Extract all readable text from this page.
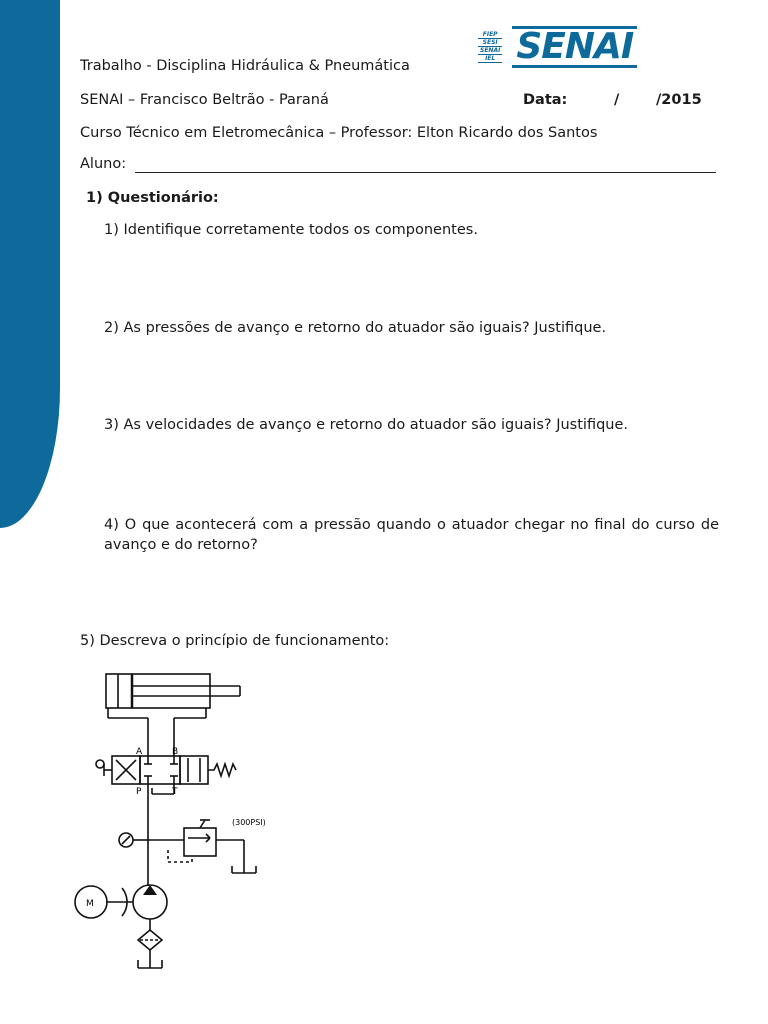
FIEP
SESI
SENAI
IEL SENAI
Trabalho - Disciplina Hidráulica & Pneumática
SENAI – Francisco Beltrão - Paraná	Data:	/	/2015
Curso Técnico em Eletromecânica – Professor: Elton Ricardo dos Santos
Aluno:
1) Questionário:
1) Identifique corretamente todos os componentes.
2) As pressões de avanço e retorno do atuador são iguais? Justifique.
3) As velocidades de avanço e retorno do atuador são iguais? Justifique.
4) O que acontecerá com a pressão quando o atuador chegar no final do curso de avanço e do retorno?
5) Descreva o princípio de funcionamento:
A	B
P	T
(300PSI)
M
